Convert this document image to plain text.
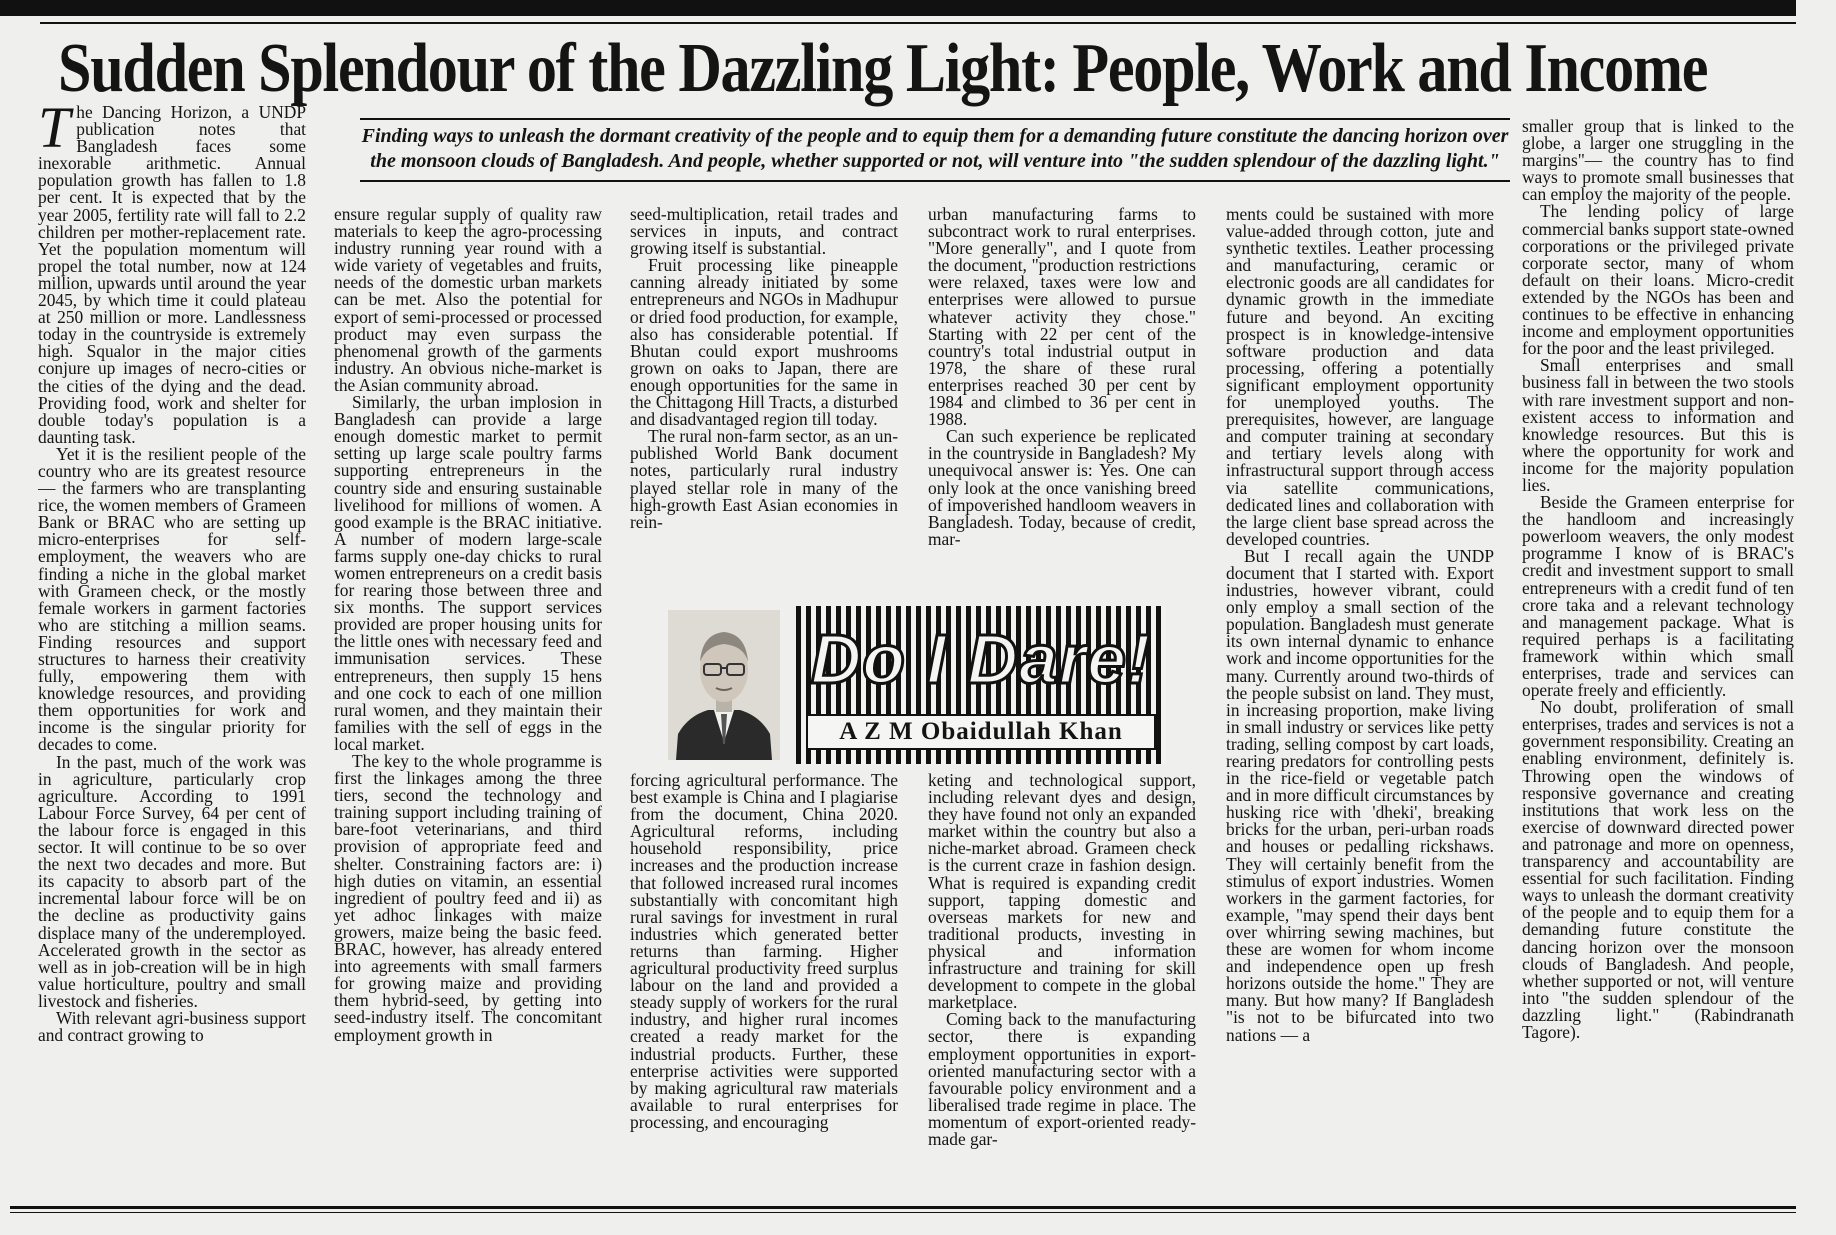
Sudden Splendour of the Dazzling Light: People, Work and Income
Finding ways to unleash the dormant creativity of the people and to equip them for a demanding future constitute the dancing horizon over the monsoon clouds of Bangladesh. And people, whether supported or not, will venture into "the sudden splendour of the dazzling light."

The Dancing Horizon, a UNDP publication notes that Bangladesh faces some inexorable arithmetic. Annual population growth has fallen to 1.8 per cent. It is expected that by the year 2005, fertility rate will fall to 2.2 children per mother-replacement rate. Yet the population momentum will propel the total number, now at 124 million, upwards until around the year 2045, by which time it could plateau at 250 million or more. Landlessness today in the countryside is extremely high. Squalor in the major cities conjure up images of necro-cities or the cities of the dying and the dead. Providing food, work and shelter for double today's population is a daunting task.

Yet it is the resilient people of the country who are its greatest resource — the farmers who are transplanting rice, the women members of Grameen Bank or BRAC who are setting up micro-enterprises for self-employment, the weavers who are finding a niche in the global market with Grameen check, or the mostly female workers in garment factories who are stitching a million seams. Finding resources and support structures to harness their creativity fully, empowering them with knowledge resources, and providing them opportunities for work and income is the singular priority for decades to come.

In the past, much of the work was in agriculture, particularly crop agriculture. According to 1991 Labour Force Survey, 64 per cent of the labour force is engaged in this sector. It will continue to be so over the next two decades and more. But its capacity to absorb part of the incremental labour force will be on the decline as productivity gains displace many of the underemployed. Accelerated growth in the sector as well as in job-creation will be in high value horticulture, poultry and small livestock and fisheries.

With relevant agri-business support and contract growing to

ensure regular supply of quality raw materials to keep the agro-processing industry running year round with a wide variety of vegetables and fruits, needs of the domestic urban markets can be met. Also the potential for export of semi-processed or processed product may even surpass the phenomenal growth of the garments industry. An obvious niche-market is the Asian community abroad.

Similarly, the urban implosion in Bangladesh can provide a large enough domestic market to permit setting up large scale poultry farms supporting entrepreneurs in the country side and ensuring sustainable livelihood for millions of women. A good example is the BRAC initiative. A number of modern large-scale farms supply one-day chicks to rural women entrepreneurs on a credit basis for rearing those between three and six months. The support services provided are proper housing units for the little ones with necessary feed and immunisation services. These entrepreneurs, then supply 15 hens and one cock to each of one million rural women, and they maintain their families with the sell of eggs in the local market.

The key to the whole programme is first the linkages among the three tiers, second the technology and training support including training of bare-foot veterinarians, and third provision of appropriate feed and shelter. Constraining factors are: i) high duties on vitamin, an essential ingredient of poultry feed and ii) as yet adhoc linkages with maize growers, maize being the basic feed. BRAC, however, has already entered into agreements with small farmers for growing maize and providing them hybrid-seed, by getting into seed-industry itself. The concomitant employment growth in

seed-multiplication, retail trades and services in inputs, and contract growing itself is substantial.

Fruit processing like pineapple canning already initiated by some entrepreneurs and NGOs in Madhupur or dried food production, for example, also has considerable potential. If Bhutan could export mushrooms grown on oaks to Japan, there are enough opportunities for the same in the Chittagong Hill Tracts, a disturbed and disadvantaged region till today.

The rural non-farm sector, as an un-published World Bank document notes, particularly rural industry played stellar role in many of the high-growth East Asian economies in rein-

urban manufacturing farms to subcontract work to rural enterprises. "More generally", and I quote from the document, "production restrictions were relaxed, taxes were low and enterprises were allowed to pursue whatever activity they chose." Starting with 22 per cent of the country's total industrial output in 1978, the share of these rural enterprises reached 30 per cent by 1984 and climbed to 36 per cent in 1988.

Can such experience be replicated in the countryside in Bangladesh? My unequivocal answer is: Yes. One can only look at the once vanishing breed of impoverished handloom weavers in Bangladesh. Today, because of credit, mar-

Do I Dare!
A Z M Obaidullah Khan

ments could be sustained with more value-added through cotton, jute and synthetic textiles. Leather processing and manufacturing, ceramic or electronic goods are all candidates for dynamic growth in the immediate future and beyond. An exciting prospect is in knowledge-intensive software production and data processing, offering a potentially significant employment opportunity for unemployed youths. The prerequisites, however, are language and computer training at secondary and tertiary levels along with infrastructural support through access via satellite communications, dedicated lines and collaboration with the large client base spread across the developed countries.

But I recall again the UNDP document that I started with. Export industries, however vibrant, could only employ a small section of the population. Bangladesh must generate its own internal dynamic to enhance work and income opportunities for the many. Currently around two-thirds of the people subsist on land. They must, in increasing proportion, make living in small industry or services like petty trading, selling compost by cart loads, rearing predators for controlling pests in the rice-field or vegetable patch and in more difficult circumstances by husking rice with 'dheki', breaking bricks for the urban, peri-urban roads and houses or pedalling rickshaws. They will certainly benefit from the stimulus of export industries. Women workers in the garment factories, for example, "may spend their days bent over whirring sewing machines, but these are women for whom income and independence open up fresh horizons outside the home." They are many. But how many? If Bangladesh "is not to be bifurcated into two nations — a

forcing agricultural performance. The best example is China and I plagiarise from the document, China 2020. Agricultural reforms, including household responsibility, price increases and the production increase that followed increased rural incomes substantially with concomitant high rural savings for investment in rural industries which generated better returns than farming. Higher agricultural productivity freed surplus labour on the land and provided a steady supply of workers for the rural industry, and higher rural incomes created a ready market for the industrial products. Further, these enterprise activities were supported by making agricultural raw materials available to rural enterprises for processing, and encouraging

keting and technological support, including relevant dyes and design, they have found not only an expanded market within the country but also a niche-market abroad. Grameen check is the current craze in fashion design. What is required is expanding credit support, tapping domestic and overseas markets for new and traditional products, investing in physical and information infrastructure and training for skill development to compete in the global marketplace.

Coming back to the manufacturing sector, there is expanding employment opportunities in export-oriented manufacturing sector with a favourable policy environment and a liberalised trade regime in place. The momentum of export-oriented ready-made gar-

smaller group that is linked to the globe, a larger one struggling in the margins"— the country has to find ways to promote small businesses that can employ the majority of the people.

The lending policy of large commercial banks support state-owned corporations or the privileged private corporate sector, many of whom default on their loans. Micro-credit extended by the NGOs has been and continues to be effective in enhancing income and employment opportunities for the poor and the least privileged.

Small enterprises and small business fall in between the two stools with rare investment support and non-existent access to information and knowledge resources. But this is where the opportunity for work and income for the majority population lies.

Beside the Grameen enterprise for the handloom and increasingly powerloom weavers, the only modest programme I know of is BRAC's credit and investment support to small entrepreneurs with a credit fund of ten crore taka and a relevant technology and management package. What is required perhaps is a facilitating framework within which small enterprises, trade and services can operate freely and efficiently.

No doubt, proliferation of small enterprises, trades and services is not a government responsibility. Creating an enabling environment, definitely is. Throwing open the windows of responsive governance and creating institutions that work less on the exercise of downward directed power and patronage and more on openness, transparency and accountability are essential for such facilitation. Finding ways to unleash the dormant creativity of the people and to equip them for a demanding future constitute the dancing horizon over the monsoon clouds of Bangladesh. And people, whether supported or not, will venture into "the sudden splendour of the dazzling light." (Rabindranath Tagore).
